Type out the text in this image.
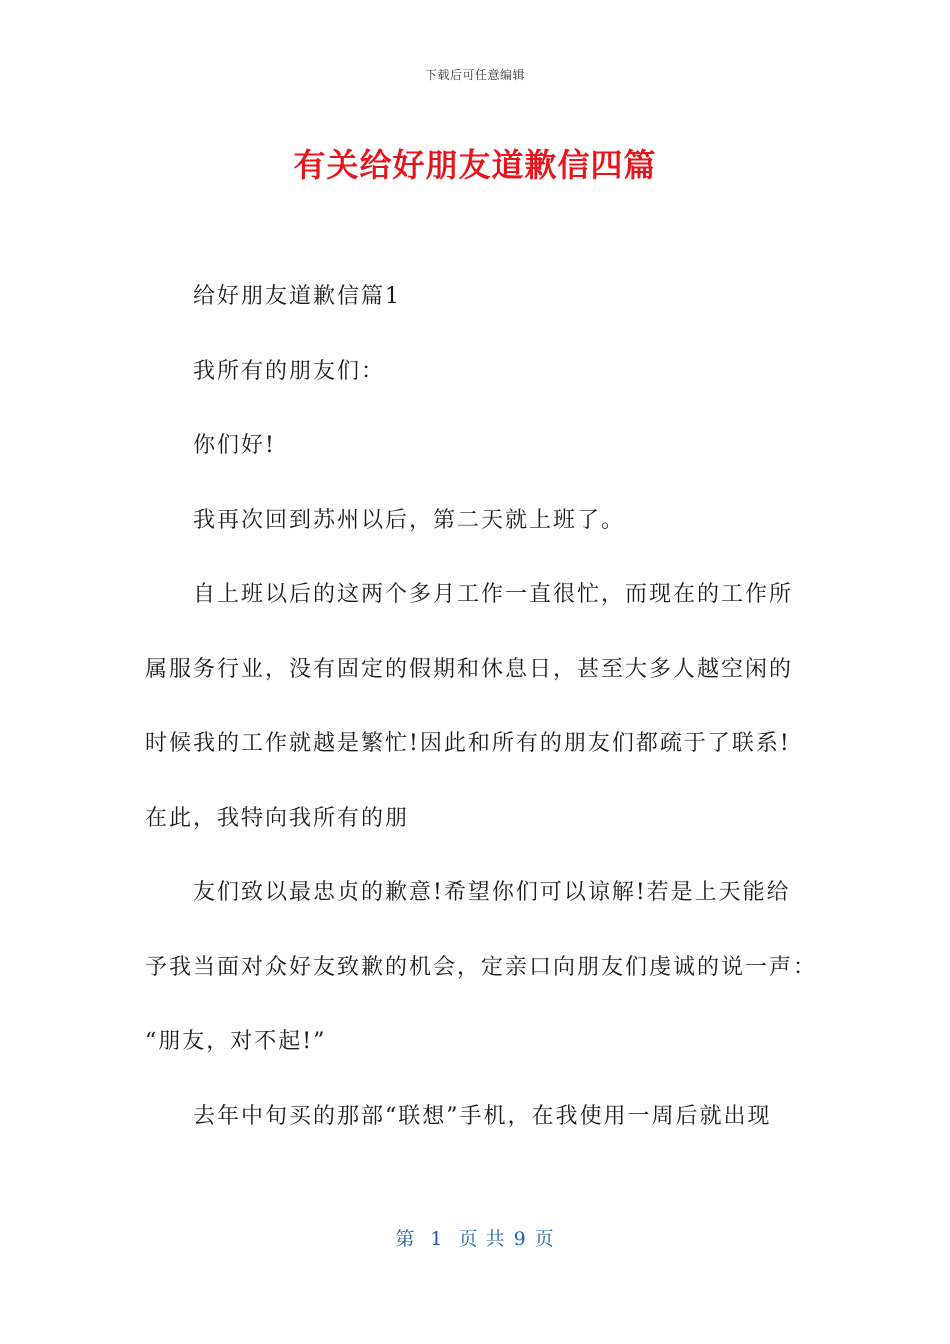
下载后可任意编辑
有关给好朋友道歉信四篇
给好朋友道歉信篇1
我所有的朋友们：
你们好!
我再次回到苏州以后，第二天就上班了。
自上班以后的这两个多月工作一直很忙，而现在的工作所
属服务行业，没有固定的假期和休息日，甚至大多人越空闲的
时候我的工作就越是繁忙!因此和所有的朋友们都疏于了联系!
在此，我特向我所有的朋
友们致以最忠贞的歉意!希望你们可以谅解!若是上天能给
予我当面对众好友致歉的机会，定亲口向朋友们虔诚的说一声：
“朋友，对不起!”
去年中旬买的那部“联想”手机，在我使用一周后就出现
第 1 页 共 9 页
